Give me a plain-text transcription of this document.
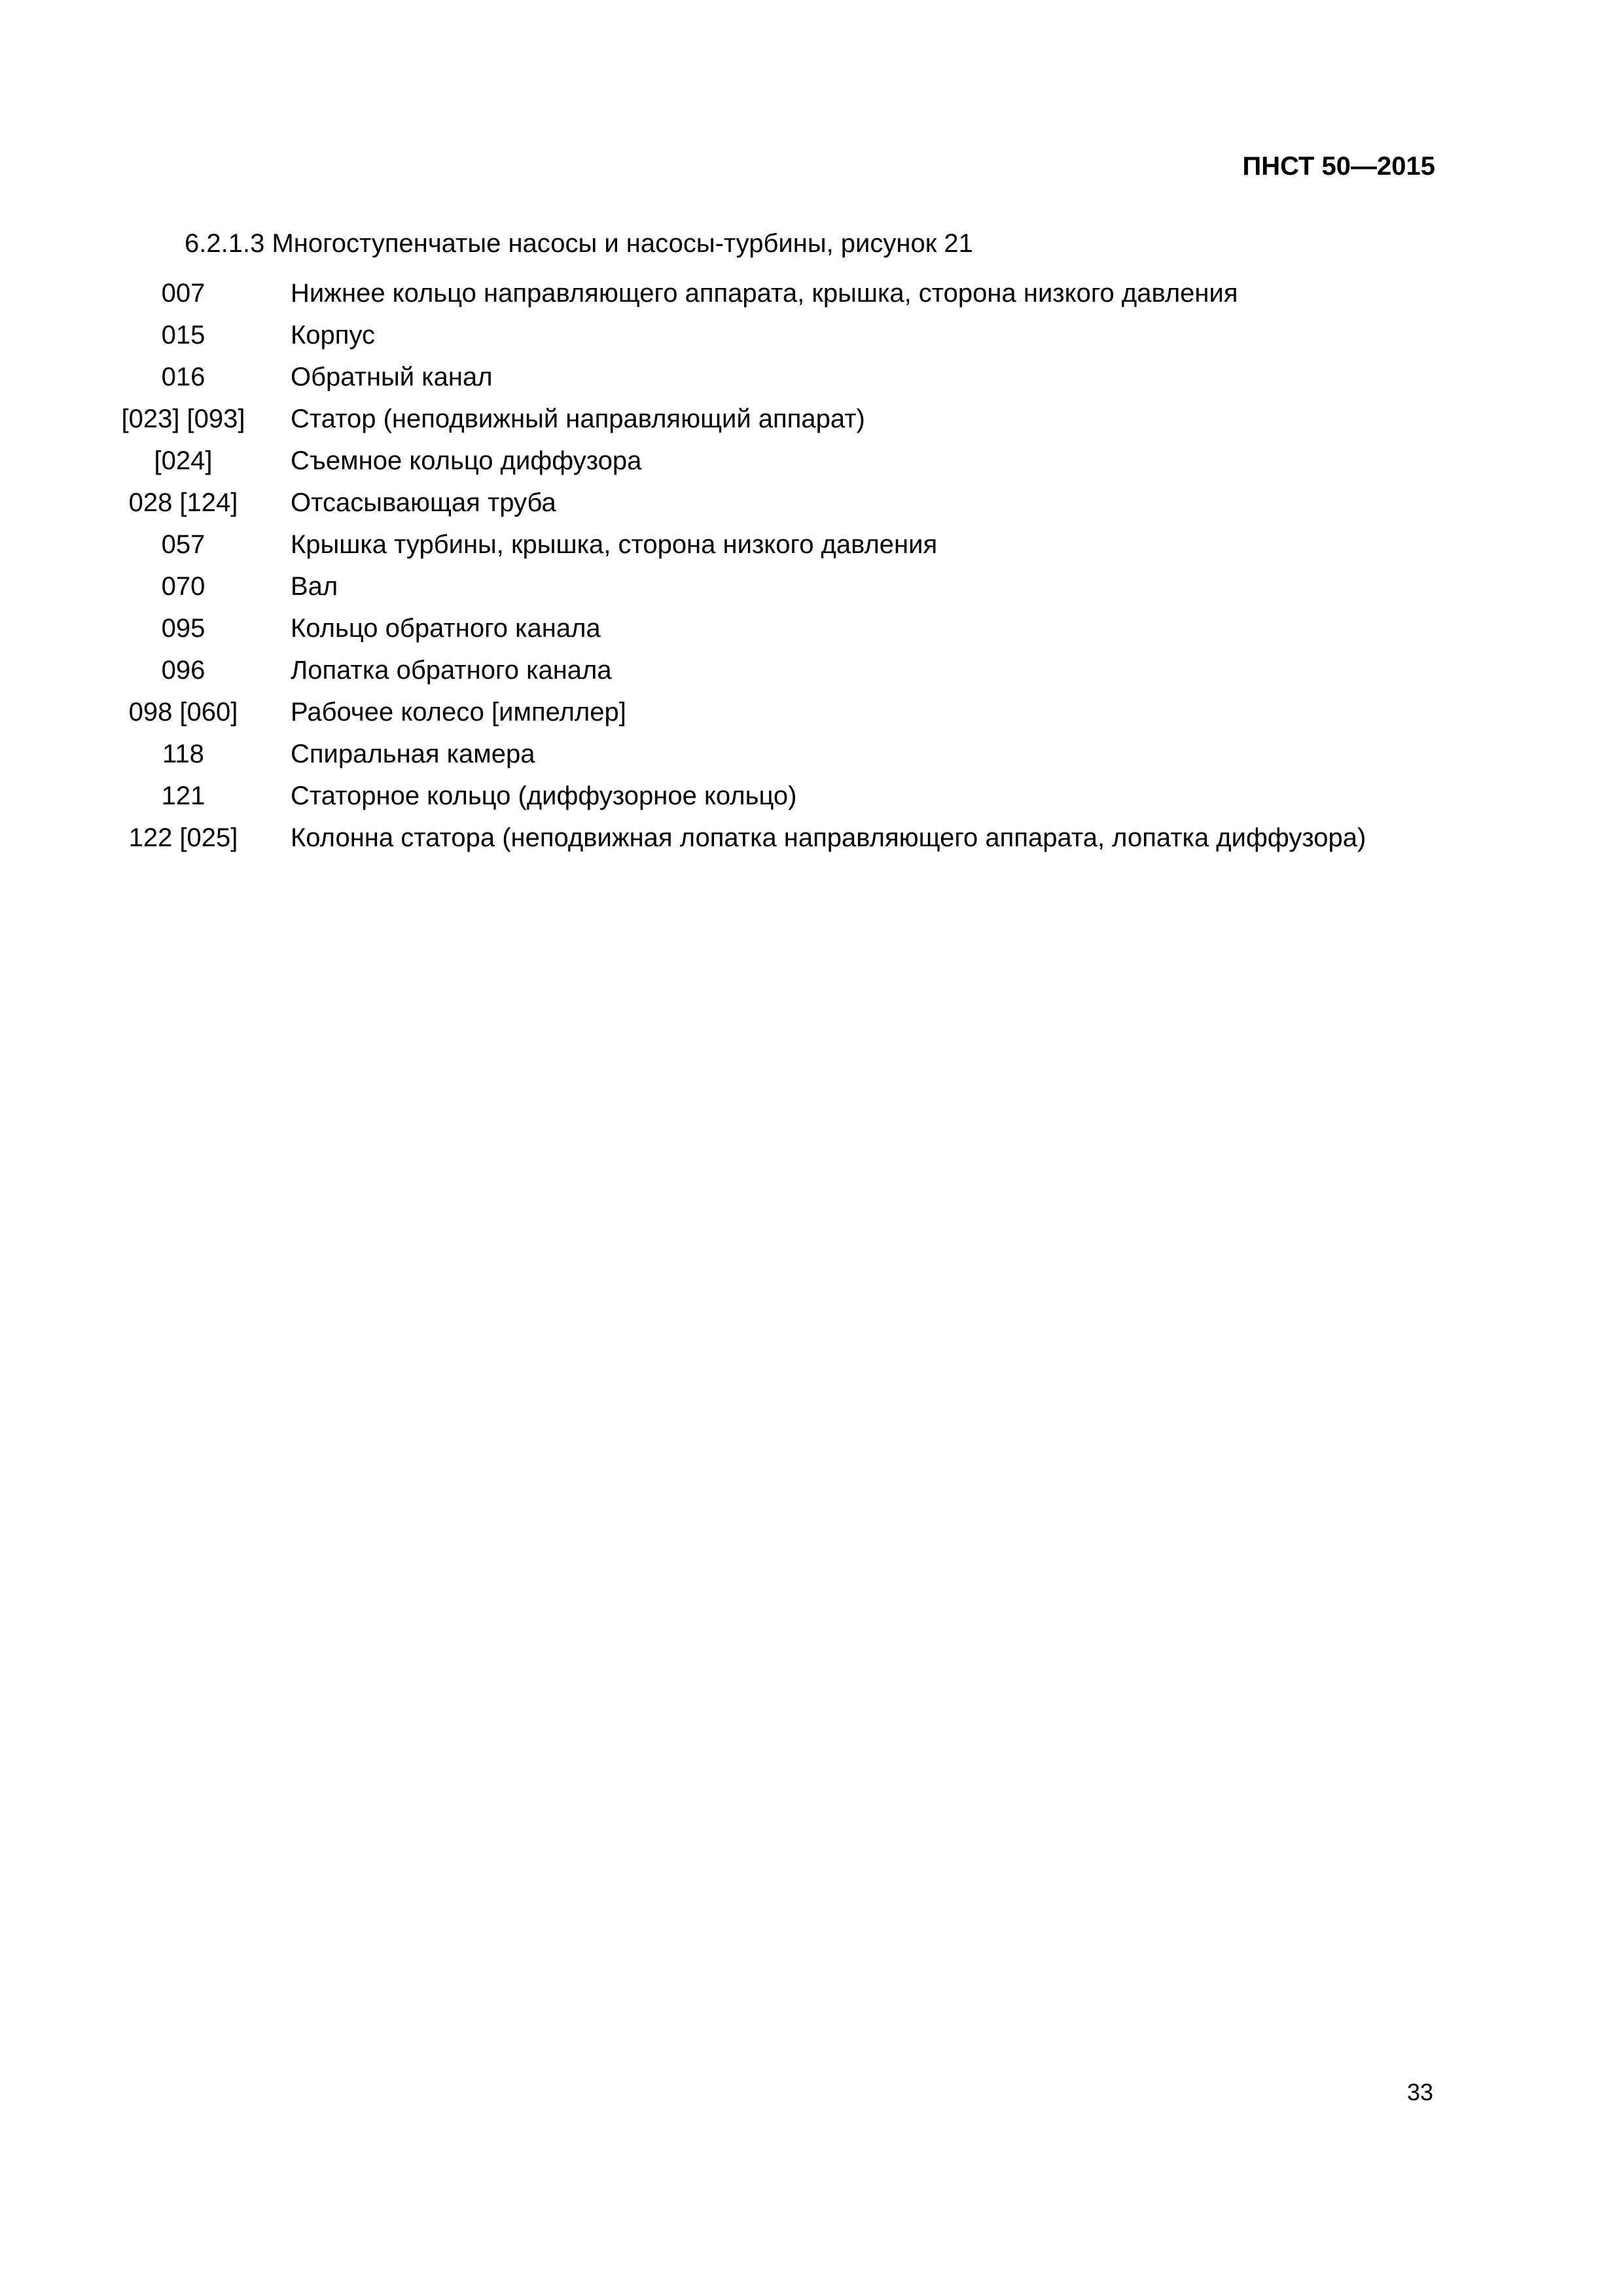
ПНСТ 50—2015
6.2.1.3 Многоступенчатые насосы и насосы-турбины, рисунок 21
007	Нижнее кольцо направляющего аппарата, крышка, сторона низкого давления
015	Корпус
016	Обратный канал
[023] [093]	Статор (неподвижный направляющий аппарат)
[024]	Съемное кольцо диффузора
028 [124]	Отсасывающая труба
057	Крышка турбины, крышка, сторона низкого давления
070	Вал
095	Кольцо обратного канала
096	Лопатка обратного канала
098 [060]	Рабочее колесо [импеллер]
118	Спиральная камера
121	Статорное кольцо (диффузорное кольцо)
122 [025]	Колонна статора (неподвижная лопатка направляющего аппарата, лопатка диффузора)
33
